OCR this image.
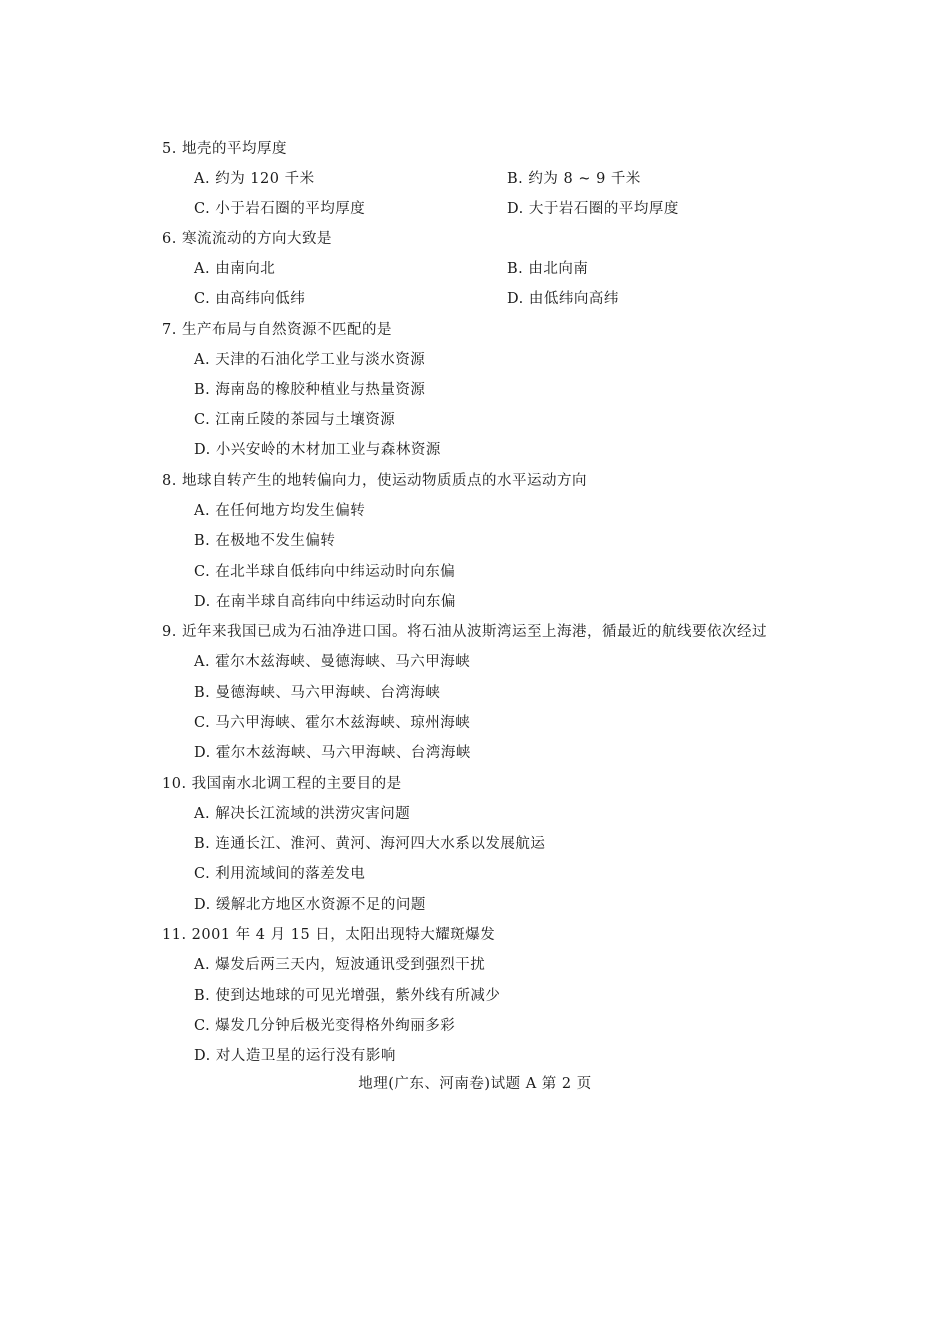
5. 地壳的平均厚度
A. 约为 120 千米	B. 约为 8 ~ 9 千米
C. 小于岩石圈的平均厚度	D. 大于岩石圈的平均厚度
6. 寒流流动的方向大致是
A. 由南向北	B. 由北向南
C. 由高纬向低纬	D. 由低纬向高纬
7. 生产布局与自然资源不匹配的是
A. 天津的石油化学工业与淡水资源
B. 海南岛的橡胶种植业与热量资源
C. 江南丘陵的茶园与土壤资源
D. 小兴安岭的木材加工业与森林资源
8. 地球自转产生的地转偏向力，使运动物质质点的水平运动方向
A. 在任何地方均发生偏转
B. 在极地不发生偏转
C. 在北半球自低纬向中纬运动时向东偏
D. 在南半球自高纬向中纬运动时向东偏
9. 近年来我国已成为石油净进口国。将石油从波斯湾运至上海港，循最近的航线要依次经过
A. 霍尔木兹海峡、曼德海峡、马六甲海峡
B. 曼德海峡、马六甲海峡、台湾海峡
C. 马六甲海峡、霍尔木兹海峡、琼州海峡
D. 霍尔木兹海峡、马六甲海峡、台湾海峡
10. 我国南水北调工程的主要目的是
A. 解决长江流域的洪涝灾害问题
B. 连通长江、淮河、黄河、海河四大水系以发展航运
C. 利用流域间的落差发电
D. 缓解北方地区水资源不足的问题
11. 2001 年 4 月 15 日，太阳出现特大耀斑爆发
A. 爆发后两三天内，短波通讯受到强烈干扰
B. 使到达地球的可见光增强，紫外线有所减少
C. 爆发几分钟后极光变得格外绚丽多彩
D. 对人造卫星的运行没有影响
地理(广东、河南卷)试题 A 第 2 页
